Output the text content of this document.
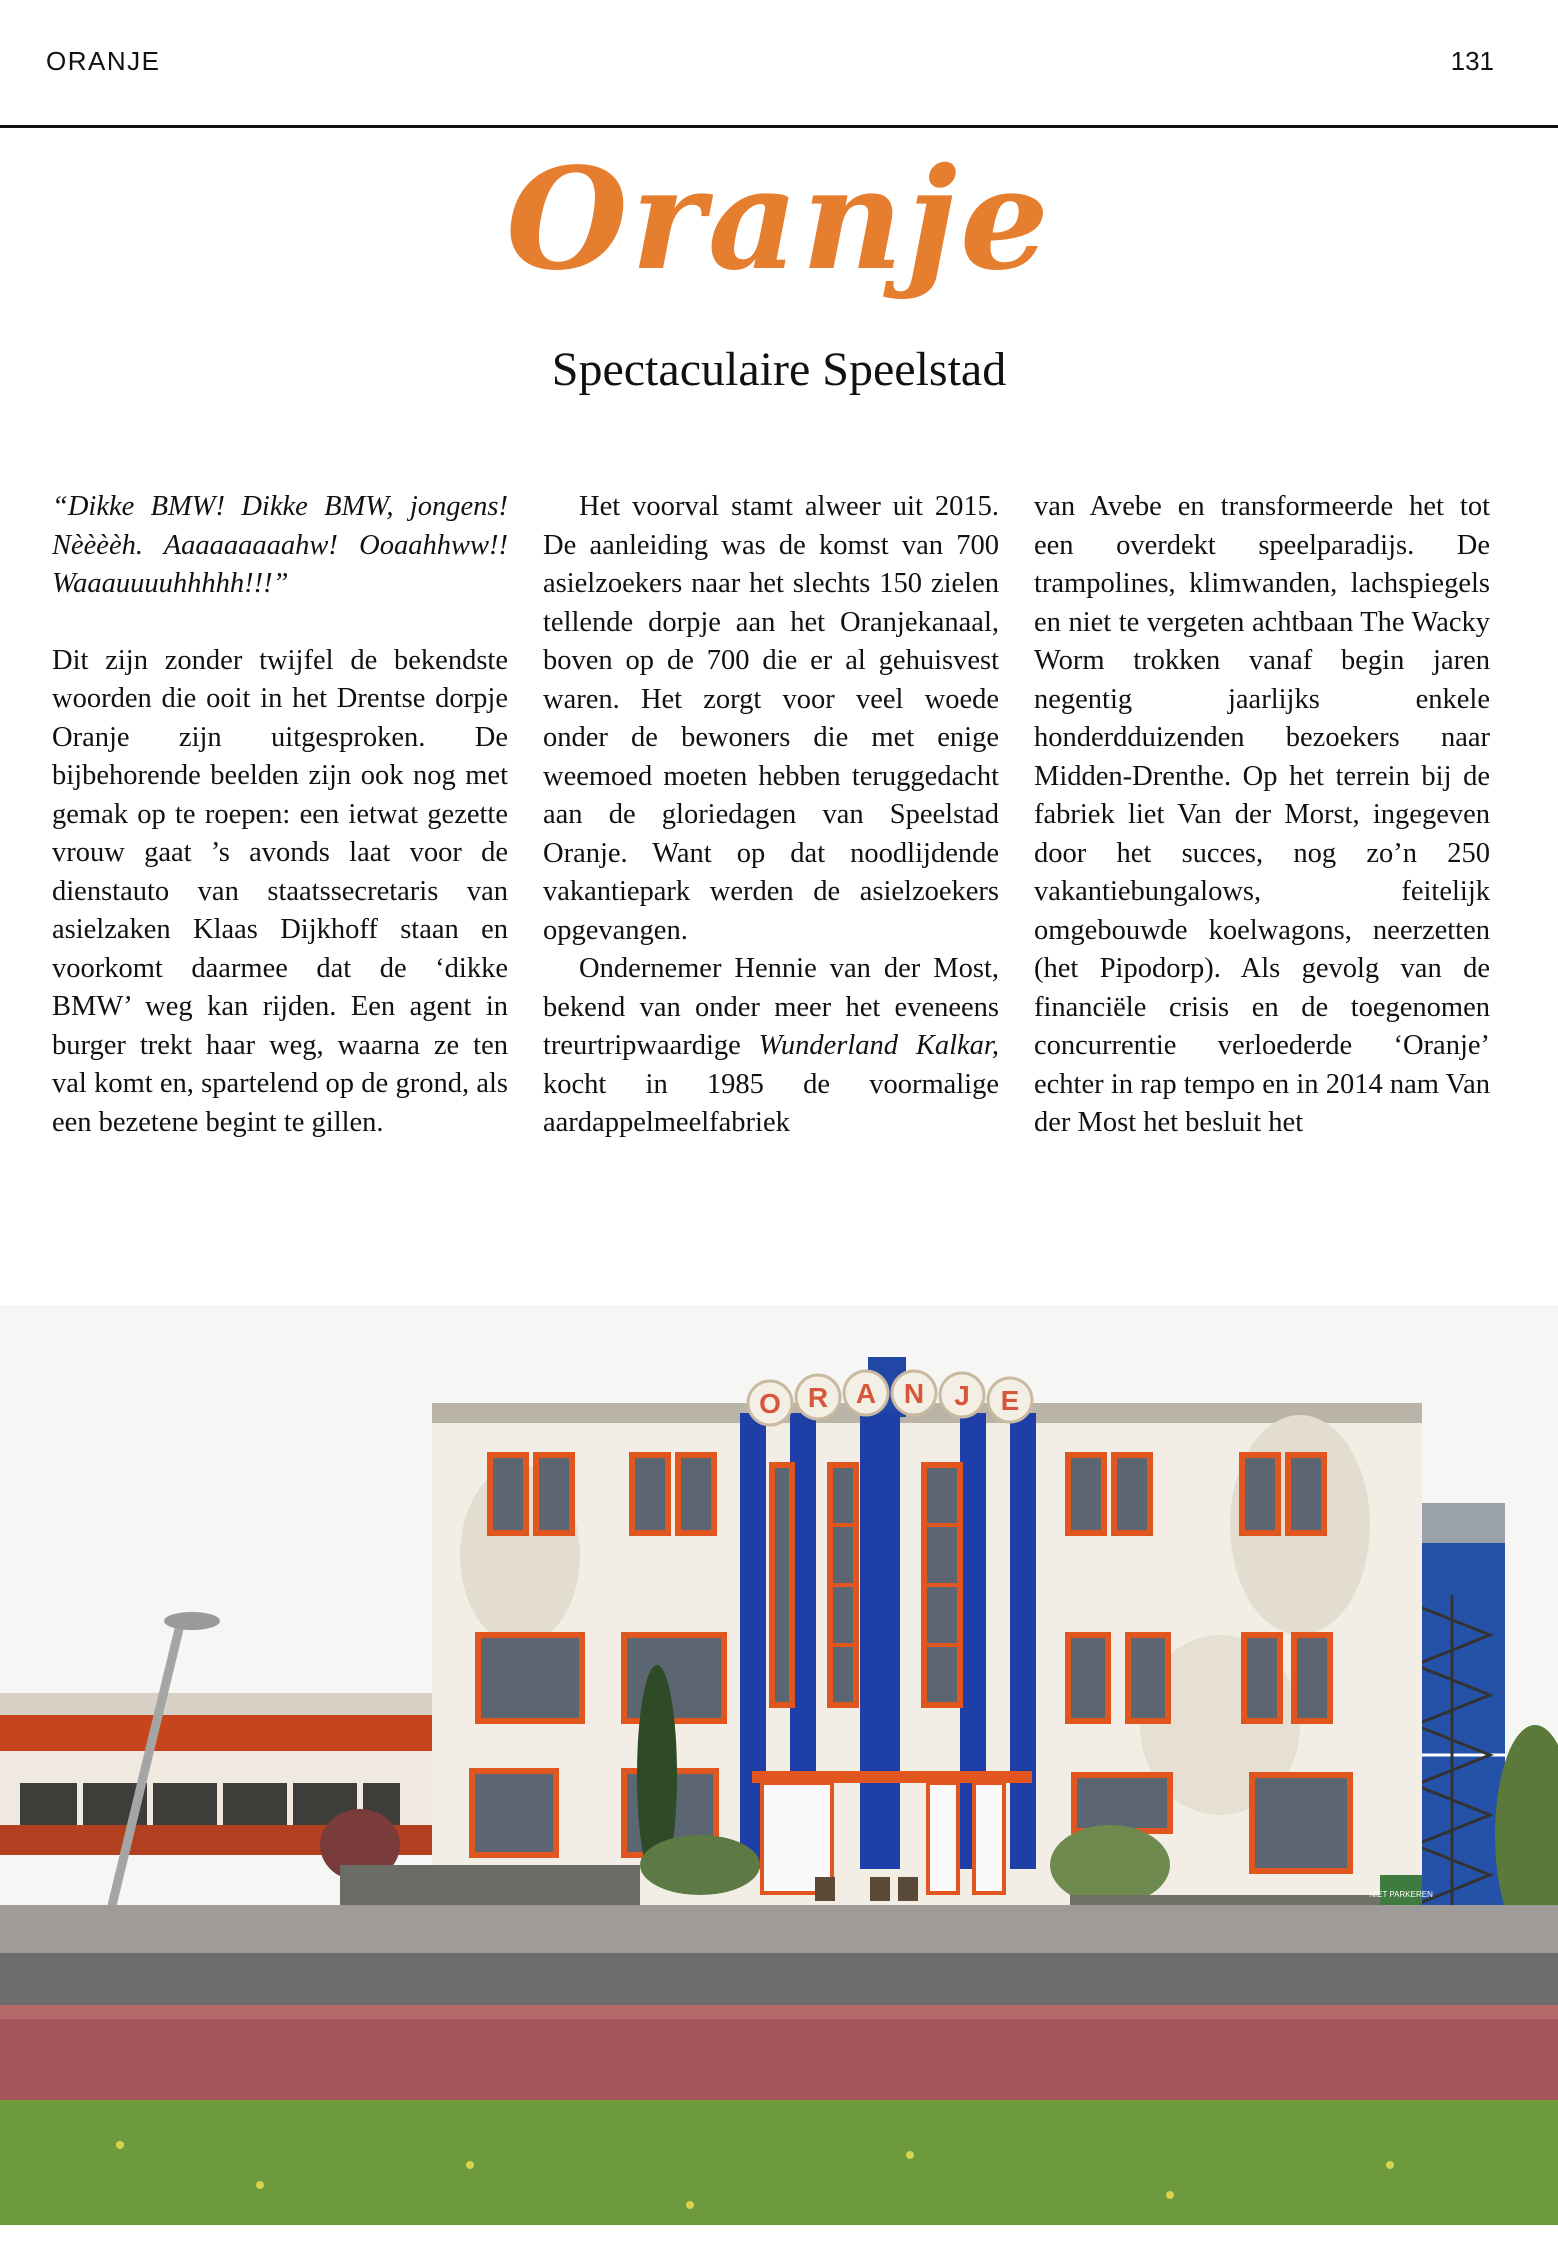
ORANJE	131
Oranje
Spectaculaire Speelstad

“Dikke BMW! Dikke BMW, jongens! Nèèèèh. Aaaaaaaaahw! Ooaahhww!! Waaauuuuhhhhh!!!”

Dit zijn zonder twijfel de bekendste woorden die ooit in het Drentse dorpje Oranje zijn uitgesproken. De bijbehorende beelden zijn ook nog met gemak op te roepen: een ietwat gezette vrouw gaat ’s avonds laat voor de dienstauto van staatssecretaris van asielzaken Klaas Dijkhoff staan en voorkomt daarmee dat de ‘dikke BMW’ weg kan rijden. Een agent in burger trekt haar weg, waarna ze ten val komt en, spartelend op de grond, als een bezetene begint te gillen.

Het voorval stamt alweer uit 2015. De aanleiding was de komst van 700 asielzoekers naar het slechts 150 zielen tellende dorpje aan het Oranjekanaal, boven op de 700 die er al gehuisvest waren. Het zorgt voor veel woede onder de bewoners die met enige weemoed moeten hebben teruggedacht aan de gloriedagen van Speelstad Oranje. Want op dat noodlijdende vakantiepark werden de asielzoekers opgevangen.

Ondernemer Hennie van der Most, bekend van onder meer het eveneens treurtripwaardige Wunderland Kalkar, kocht in 1985 de voormalige aardappelmeelfabriek

van Avebe en transformeerde het tot een overdekt speelparadijs. De trampolines, klimwanden, lachspiegels en niet te vergeten achtbaan The Wacky Worm trokken vanaf begin jaren negentig jaarlijks enkele honderdduizenden bezoekers naar Midden-Drenthe. Op het terrein bij de fabriek liet Van der Morst, ingegeven door het succes, nog zo’n 250 vakantiebungalows, feitelijk omgebouwde koelwagons, neerzetten (het Pipodorp). Als gevolg van de financiële crisis en de toegenomen concurrentie verloederde ‘Oranje’ echter in rap tempo en in 2014 nam Van der Most het besluit het

O R A N J E
NIET PARKEREN
